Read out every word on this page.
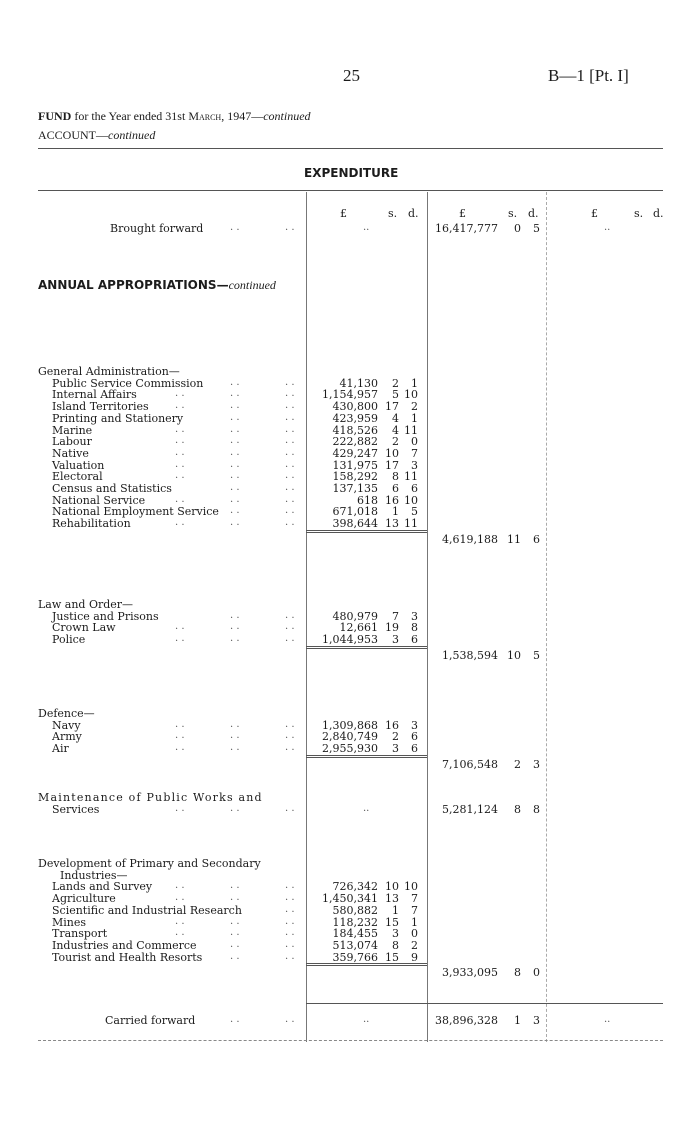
25	B—1 [Pt. I]
FUND for the Year ended 31st March, 1947—continued
ACCOUNT—continued
EXPENDITURE
£	s. d.	£	s. d.	£	s. d.
Brought forward	. .	. .	..	16,417,777	0	5	..
ANNUAL APPROPRIATIONS—continued
General Administration—
Public Service Commission	. .	. .	41,130	2	1
Internal Affairs	. .	. .	. .	1,154,957	5 10
Island Territories	. .	. .	. .	430,800 17	2
Printing and Stationery	. .	. .	423,959	4	1
Marine	. .	. .	. .	418,526	4 11
Labour	. .	. .	. .	222,882	2	0
Native	. .	. .	. .	429,247 10	7
Valuation	. .	. .	. .	131,975 17	3
Electoral	. .	. .	. .	158,292	8 11
Census and Statistics	. .	. .	137,135	6	6
National Service	. .	. .	. .	618 16 10
National Employment Service . .	. .	671,018	1	5
Rehabilitation	. .	. .	. .	398,644 13 11
4,619,188 11	6
Law and Order—
Justice and Prisons	. .	. .	480,979	7	3
Crown Law	. .	. .	. .	12,661 19	8
Police	. .	. .	. .	1,044,953	3	6
1,538,594 10	5
Defence—
Navy	. .	. .	. .	1,309,868 16	3
Army	. .	. .	. .	2,840,749	2	6
Air	. .	. .	. .	2,955,930	3	6
7,106,548	2	3
Maintenance of Public Works and
Services	. .	. .	. .	..	5,281,124	8	8
Development of Primary and Secondary
Industries—
Lands and Survey . .	. .	. .	726,342 10 10
Agriculture	. .	. .	. .	1,450,341 13	7
Scientific and Industrial Research	. .	580,882	1	7
Mines	. .	. .	. .	118,232 15	1
Transport	. .	. .	. .	184,455	3	0
Industries and Commerce	. .	. .	513,074	8	2
Tourist and Health Resorts	. .	. .	359,766 15	9
3,933,095	8	0
Carried forward	. .	. .	..	38,896,328	1	3	..
